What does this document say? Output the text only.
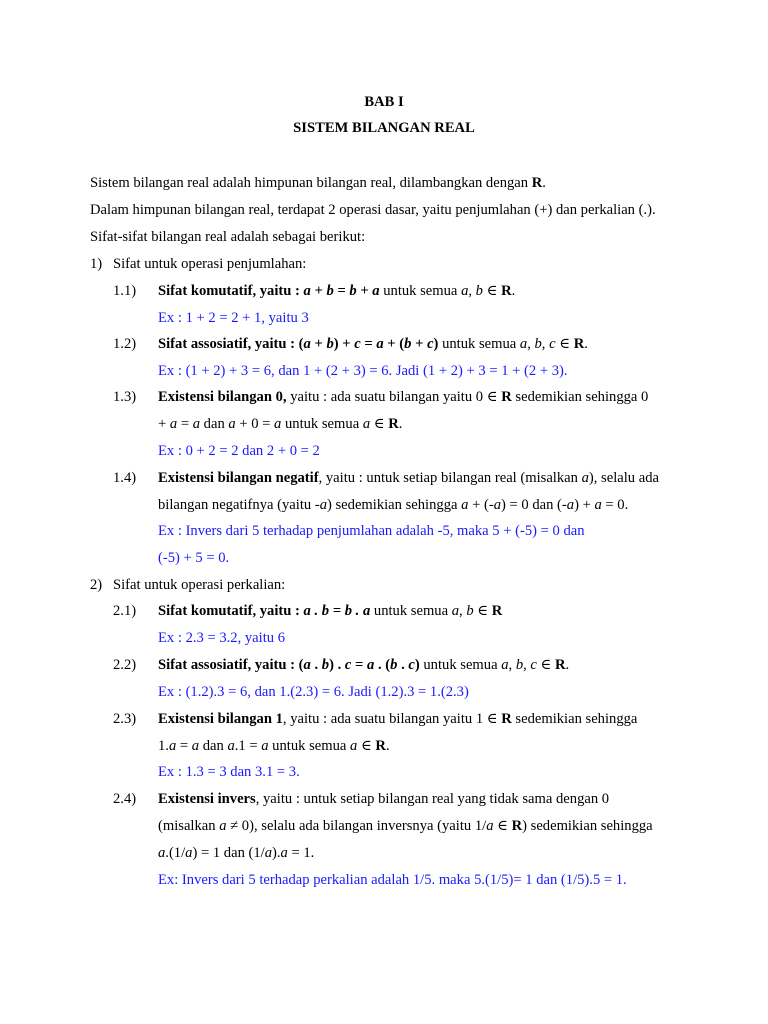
BAB I
SISTEM BILANGAN REAL
Sistem bilangan real adalah himpunan bilangan real, dilambangkan dengan R.
Dalam himpunan bilangan real, terdapat 2 operasi dasar, yaitu penjumlahan (+) dan perkalian (.).
Sifat-sifat bilangan real adalah sebagai berikut:
1) Sifat untuk operasi penjumlahan:
1.1) Sifat komutatif, yaitu : a + b = b + a untuk semua a, b ∈ R.
Ex : 1 + 2 = 2 + 1, yaitu 3
1.2) Sifat assosiatif, yaitu : (a + b) + c = a + (b + c) untuk semua a, b, c ∈ R.
Ex : (1 + 2) + 3 = 6, dan 1 + (2 + 3) = 6. Jadi (1 + 2) + 3 = 1 + (2 + 3).
1.3) Existensi bilangan 0, yaitu : ada suatu bilangan yaitu 0 ∈ R sedemikian sehingga 0
+ a = a dan a + 0 = a untuk semua a ∈ R.
Ex : 0 + 2 = 2 dan 2 + 0 = 2
1.4) Existensi bilangan negatif, yaitu : untuk setiap bilangan real (misalkan a), selalu ada
bilangan negatifnya (yaitu -a) sedemikian sehingga a + (-a) = 0 dan (-a) + a = 0.
Ex : Invers dari 5 terhadap penjumlahan adalah -5, maka 5 + (-5) = 0 dan
(-5) + 5 = 0.
2) Sifat untuk operasi perkalian:
2.1) Sifat komutatif, yaitu : a . b = b . a untuk semua a, b ∈ R
Ex : 2.3 = 3.2, yaitu 6
2.2) Sifat assosiatif, yaitu : (a . b) . c = a . (b . c) untuk semua a, b, c ∈ R.
Ex : (1.2).3 = 6, dan 1.(2.3) = 6. Jadi (1.2).3 = 1.(2.3)
2.3) Existensi bilangan 1, yaitu : ada suatu bilangan yaitu 1 ∈ R sedemikian sehingga
1.a = a dan a.1 = a untuk semua a ∈ R.
Ex : 1.3 = 3 dan 3.1 = 3.
2.4) Existensi invers, yaitu : untuk setiap bilangan real yang tidak sama dengan 0
(misalkan a ≠ 0), selalu ada bilangan inversnya (yaitu 1/a ∈ R) sedemikian sehingga
a.(1/a) = 1 dan (1/a).a = 1.
Ex: Invers dari 5 terhadap perkalian adalah 1/5. maka 5.(1/5)= 1 dan (1/5).5 = 1.
